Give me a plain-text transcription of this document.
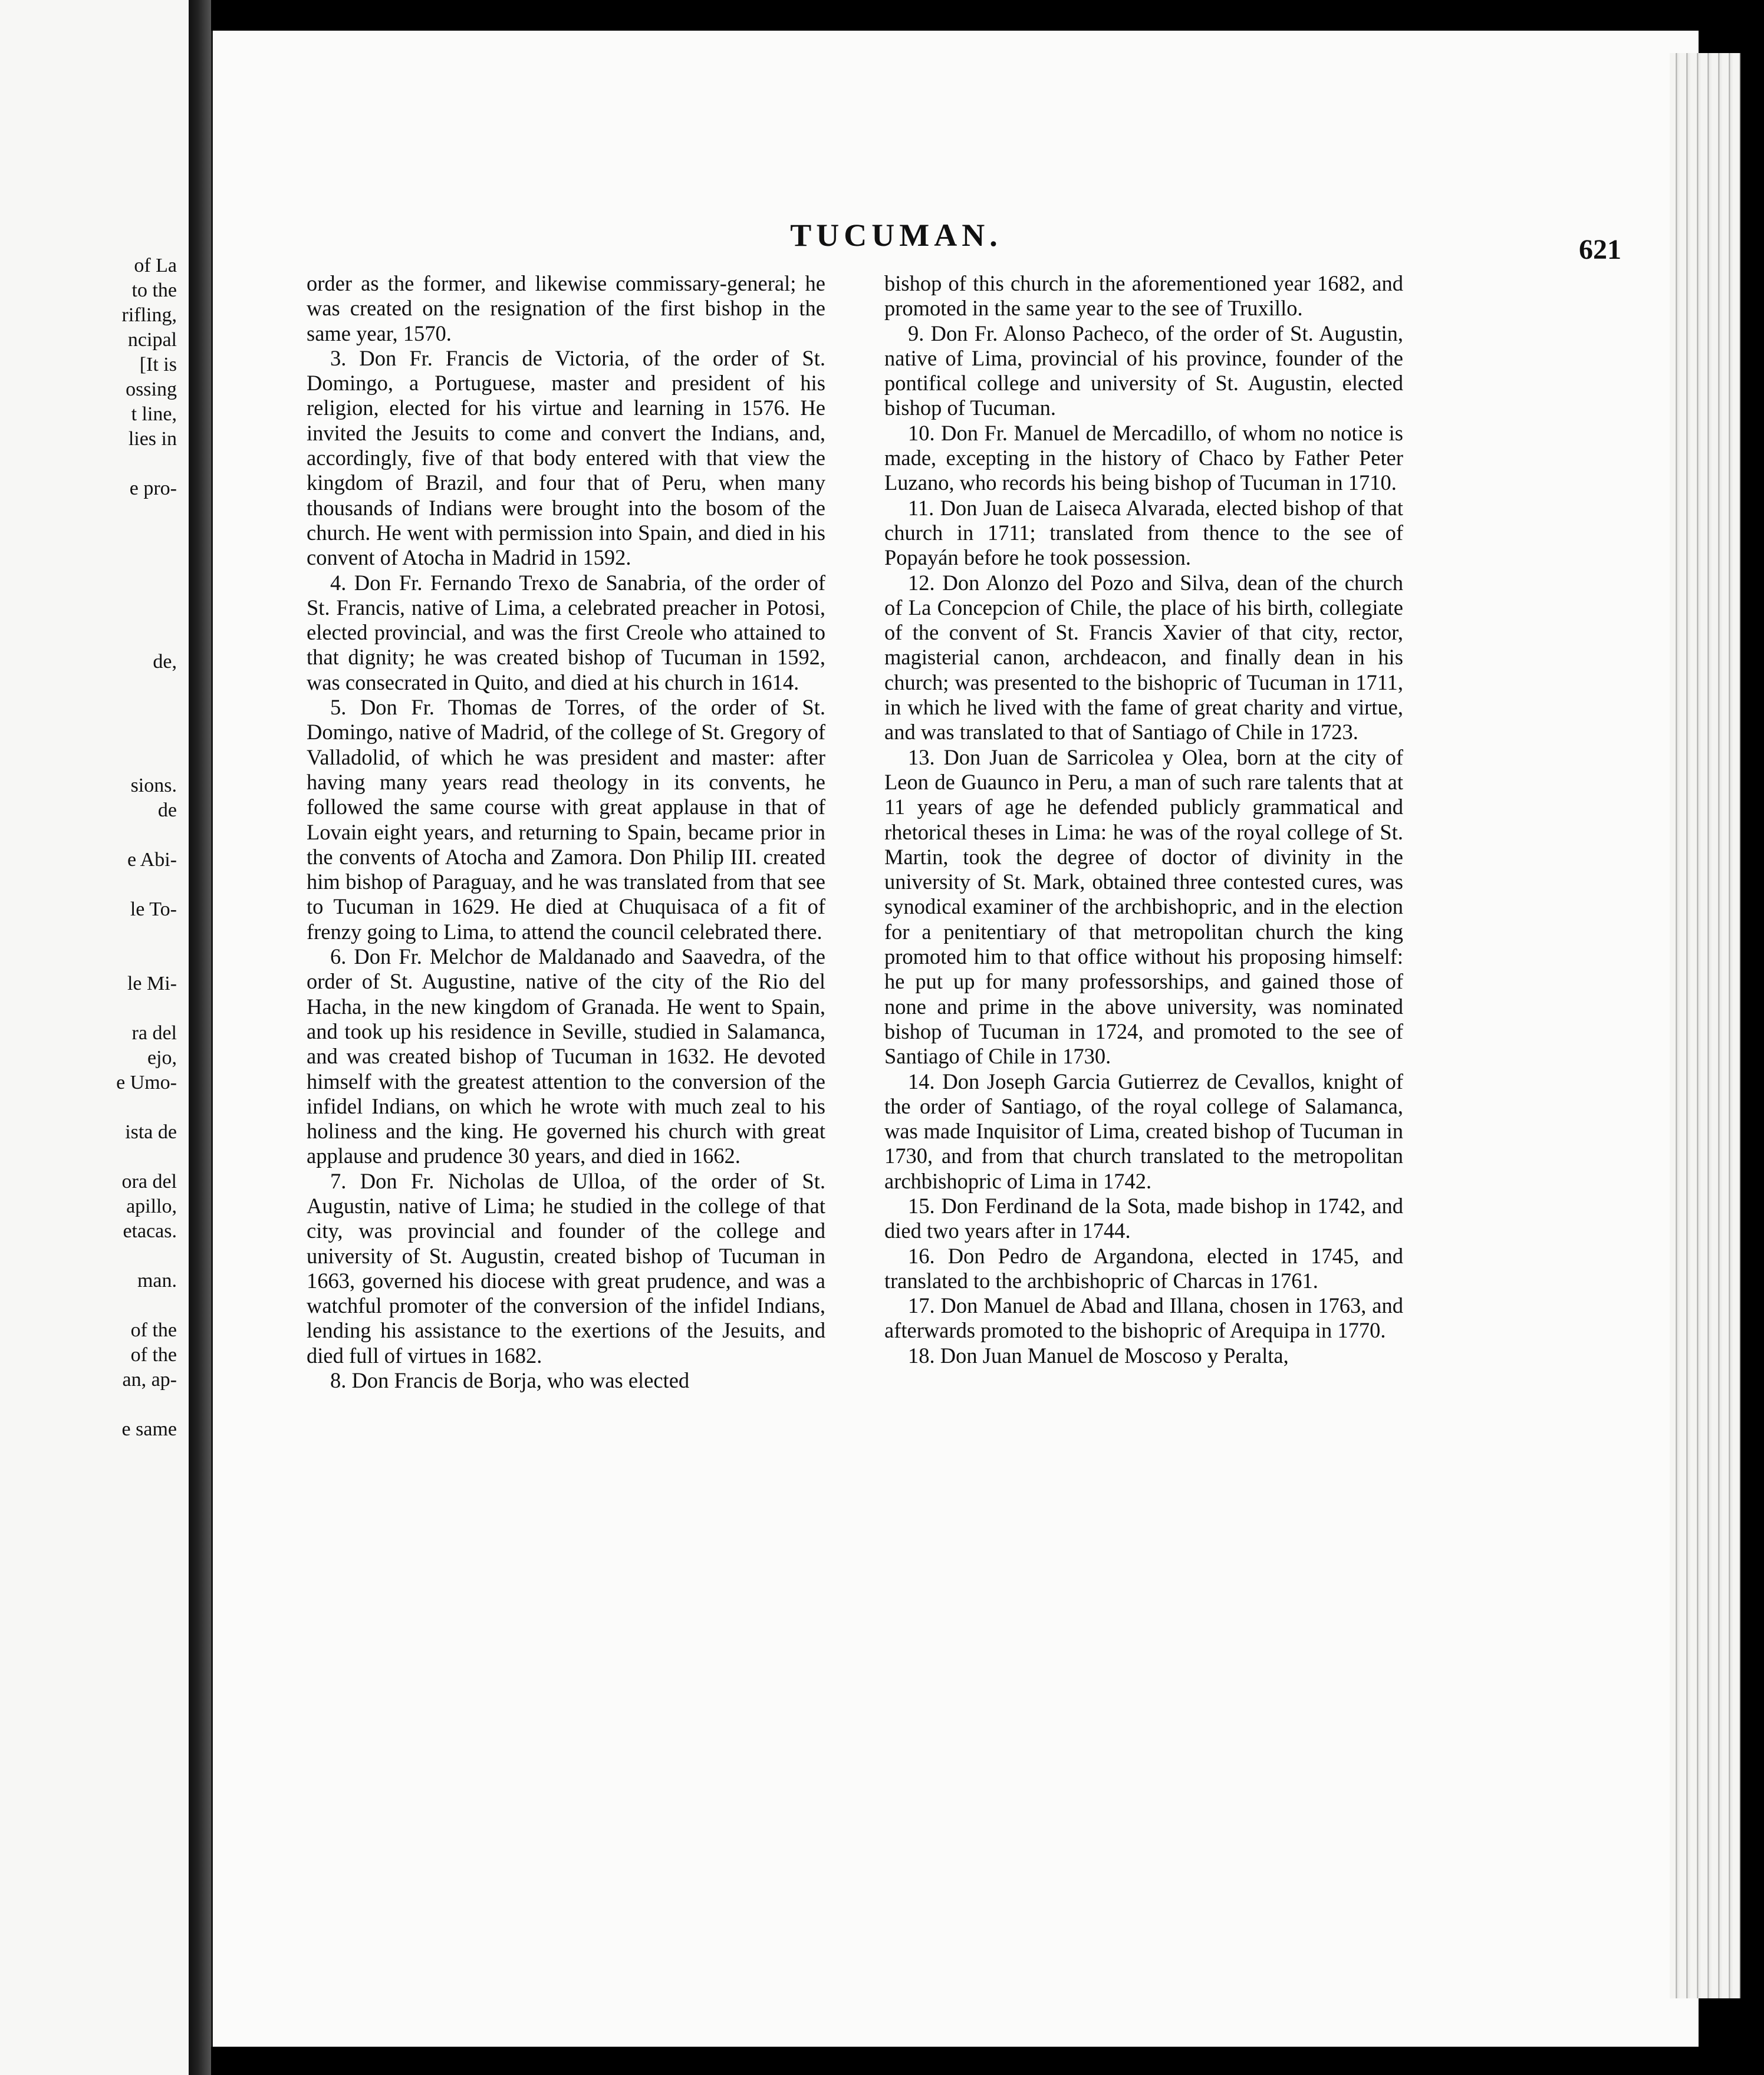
of La
to the
rifling,
ncipal
[It is
ossing
t line,
lies in

e pro-

de,

sions.
de

e Abi-

le To-

le Mi-

ra del
ejo,
e Umo-

ista de

ora del
apillo,
etacas.

man.

of the
of the
an, ap-

e same
TUCUMAN.	621

order as the former, and likewise commissary-general; he was created on the resignation of the first bishop in the same year, 1570.

3. Don Fr. Francis de Victoria, of the order of St. Domingo, a Portuguese, master and president of his religion, elected for his virtue and learning in 1576. He invited the Jesuits to come and convert the Indians, and, accordingly, five of that body entered with that view the kingdom of Brazil, and four that of Peru, when many thousands of Indians were brought into the bosom of the church. He went with permission into Spain, and died in his convent of Atocha in Madrid in 1592.

4. Don Fr. Fernando Trexo de Sanabria, of the order of St. Francis, native of Lima, a celebrated preacher in Potosi, elected provincial, and was the first Creole who attained to that dignity; he was created bishop of Tucuman in 1592, was consecrated in Quito, and died at his church in 1614.

5. Don Fr. Thomas de Torres, of the order of St. Domingo, native of Madrid, of the college of St. Gregory of Valladolid, of which he was president and master: after having many years read theology in its convents, he followed the same course with great applause in that of Lovain eight years, and returning to Spain, became prior in the convents of Atocha and Zamora. Don Philip III. created him bishop of Paraguay, and he was translated from that see to Tucuman in 1629. He died at Chuquisaca of a fit of frenzy going to Lima, to attend the council celebrated there.

6. Don Fr. Melchor de Maldanado and Saavedra, of the order of St. Augustine, native of the city of the Rio del Hacha, in the new kingdom of Granada. He went to Spain, and took up his residence in Seville, studied in Salamanca, and was created bishop of Tucuman in 1632. He devoted himself with the greatest attention to the conversion of the infidel Indians, on which he wrote with much zeal to his holiness and the king. He governed his church with great applause and prudence 30 years, and died in 1662.

7. Don Fr. Nicholas de Ulloa, of the order of St. Augustin, native of Lima; he studied in the college of that city, was provincial and founder of the college and university of St. Augustin, created bishop of Tucuman in 1663, governed his diocese with great prudence, and was a watchful promoter of the conversion of the infidel Indians, lending his assistance to the exertions of the Jesuits, and died full of virtues in 1682.

8. Don Francis de Borja, who was elected

bishop of this church in the aforementioned year 1682, and promoted in the same year to the see of Truxillo.

9. Don Fr. Alonso Pacheco, of the order of St. Augustin, native of Lima, provincial of his province, founder of the pontifical college and university of St. Augustin, elected bishop of Tucuman.

10. Don Fr. Manuel de Mercadillo, of whom no notice is made, excepting in the history of Chaco by Father Peter Luzano, who records his being bishop of Tucuman in 1710.

11. Don Juan de Laiseca Alvarada, elected bishop of that church in 1711; translated from thence to the see of Popayán before he took possession.

12. Don Alonzo del Pozo and Silva, dean of the church of La Concepcion of Chile, the place of his birth, collegiate of the convent of St. Francis Xavier of that city, rector, magisterial canon, archdeacon, and finally dean in his church; was presented to the bishopric of Tucuman in 1711, in which he lived with the fame of great charity and virtue, and was translated to that of Santiago of Chile in 1723.

13. Don Juan de Sarricolea y Olea, born at the city of Leon de Guaunco in Peru, a man of such rare talents that at 11 years of age he defended publicly grammatical and rhetorical theses in Lima: he was of the royal college of St. Martin, took the degree of doctor of divinity in the university of St. Mark, obtained three contested cures, was synodical examiner of the archbishopric, and in the election for a penitentiary of that metropolitan church the king promoted him to that office without his proposing himself: he put up for many professorships, and gained those of none and prime in the above university, was nominated bishop of Tucuman in 1724, and promoted to the see of Santiago of Chile in 1730.

14. Don Joseph Garcia Gutierrez de Cevallos, knight of the order of Santiago, of the royal college of Salamanca, was made Inquisitor of Lima, created bishop of Tucuman in 1730, and from that church translated to the metropolitan archbishopric of Lima in 1742.

15. Don Ferdinand de la Sota, made bishop in 1742, and died two years after in 1744.

16. Don Pedro de Argandona, elected in 1745, and translated to the archbishopric of Charcas in 1761.

17. Don Manuel de Abad and Illana, chosen in 1763, and afterwards promoted to the bishopric of Arequipa in 1770.

18. Don Juan Manuel de Moscoso y Peralta,
